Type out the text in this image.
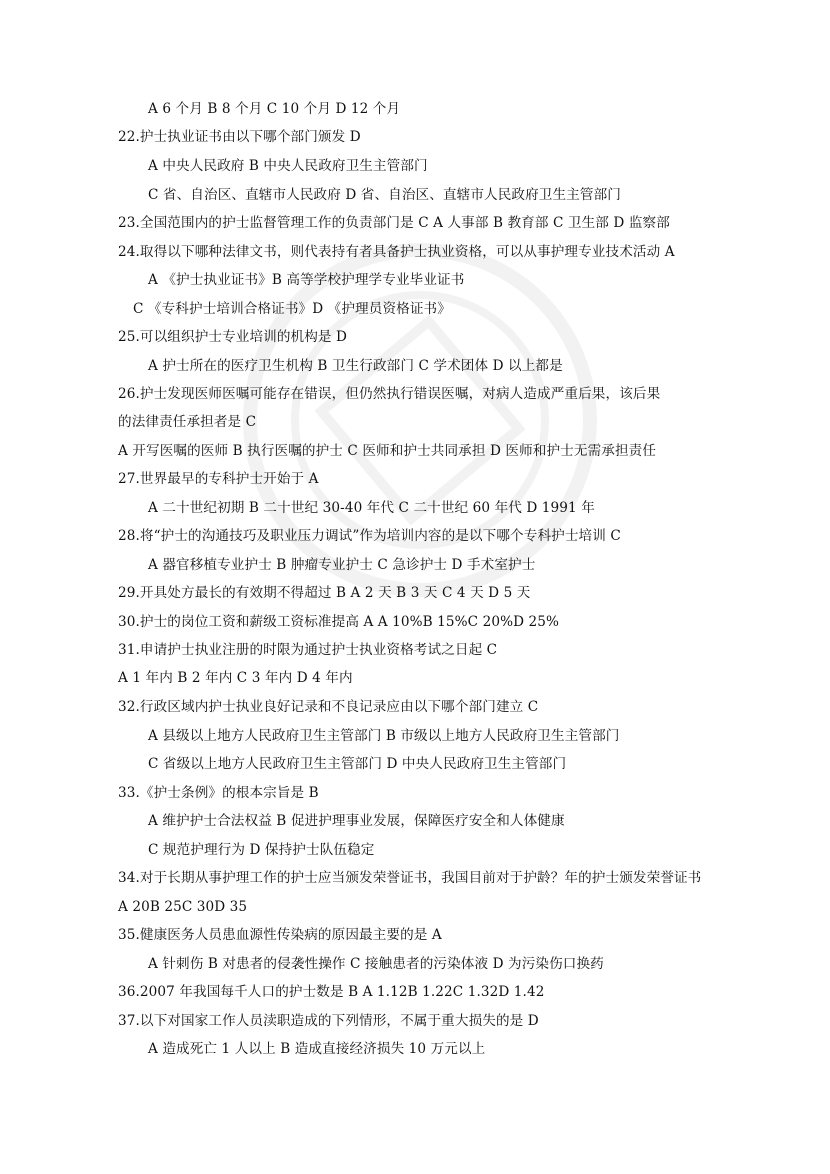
A 6 个月 B 8 个月 C 10 个月 D 12 个月
22.护士执业证书由以下哪个部门颁发 D
A 中央人民政府 B 中央人民政府卫生主管部门
C 省、自治区、直辖市人民政府 D 省、自治区、直辖市人民政府卫生主管部门
23.全国范围内的护士监督管理工作的负责部门是 C A 人事部 B 教育部 C 卫生部 D 监察部
24.取得以下哪种法律文书，则代表持有者具备护士执业资格，可以从事护理专业技术活动 A
A 《护士执业证书》B 高等学校护理学专业毕业证书
C 《专科护士培训合格证书》D 《护理员资格证书》
25.可以组织护士专业培训的机构是 D
A 护士所在的医疗卫生机构 B 卫生行政部门 C 学术团体 D 以上都是
26.护士发现医师医嘱可能存在错误，但仍然执行错误医嘱，对病人造成严重后果，该后果
的法律责任承担者是 C
A 开写医嘱的医师 B 执行医嘱的护士 C 医师和护士共同承担 D 医师和护士无需承担责任
27.世界最早的专科护士开始于 A
A 二十世纪初期 B 二十世纪 30-40 年代 C 二十世纪 60 年代 D 1991 年
28.将“护士的沟通技巧及职业压力调试”作为培训内容的是以下哪个专科护士培训 C
A 器官移植专业护士 B 肿瘤专业护士 C 急诊护士 D 手术室护士
29.开具处方最长的有效期不得超过 B A 2 天 B 3 天 C 4 天 D 5 天
30.护士的岗位工资和薪级工资标准提高 A A 10%B 15%C 20%D 25%
31.申请护士执业注册的时限为通过护士执业资格考试之日起 C
A 1 年内 B 2 年内 C 3 年内 D 4 年内
32.行政区域内护士执业良好记录和不良记录应由以下哪个部门建立 C
A 县级以上地方人民政府卫生主管部门 B 市级以上地方人民政府卫生主管部门
C 省级以上地方人民政府卫生主管部门 D 中央人民政府卫生主管部门
33.《护士条例》的根本宗旨是 B
A 维护护士合法权益 B 促进护理事业发展，保障医疗安全和人体健康
C 规范护理行为 D 保持护士队伍稳定
34.对于长期从事护理工作的护士应当颁发荣誉证书，我国目前对于护龄？年的护士颁发荣誉证书
A 20B 25C 30D 35
35.健康医务人员患血源性传染病的原因最主要的是 A
A 针刺伤 B 对患者的侵袭性操作 C 接触患者的污染体液 D 为污染伤口换药
36.2007 年我国每千人口的护士数是 B A 1.12B 1.22C 1.32D 1.42
37.以下对国家工作人员渎职造成的下列情形，不属于重大损失的是 D
A 造成死亡 1 人以上 B 造成直接经济损失 10 万元以上
